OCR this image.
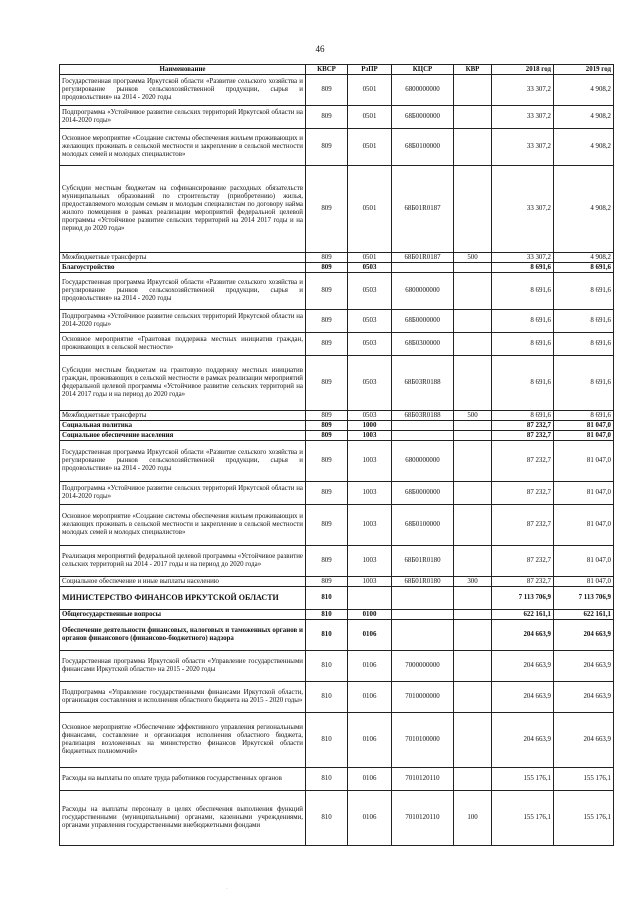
46
Наименование	КВСР	РзПР	КЦСР	КВР	2018 год	2019 год
Государственная программа Иркутской области «Развитие сельского хозяйства и регулирование рынков сельскохозяйственной продукции, сырья и продовольствия» на 2014 - 2020 годы	809	0501	6800000000		33 307,2	4 908,2
Подпрограмма «Устойчивое развитие сельских территорий Иркутской области на 2014-2020 годы»	809	0501	68Б0000000		33 307,2	4 908,2
Основное мероприятие «Создание системы обеспечения жильем проживающих и желающих проживать в сельской местности и закрепление в сельской местности молодых семей и молодых специалистов»	809	0501	68Б0100000		33 307,2	4 908,2
Субсидии местным бюджетам на софинансирование расходных обязательств муниципальных образований по строительству (приобретению) жилья, предоставляемого молодым семьям и молодым специалистам по договору найма жилого помещения в рамках реализации мероприятий федеральной целевой программы «Устойчивое развитие сельских территорий на 2014 2017 годы и на период до 2020 года»	809	0501	68Б01R0187		33 307,2	4 908,2
Межбюджетные трансферты	809	0501	68Б01R0187	500	33 307,2	4 908,2
Благоустройство	809	0503			8 691,6	8 691,6
Государственная программа Иркутской области «Развитие сельского хозяйства и регулирование рынков сельскохозяйственной продукции, сырья и продовольствия» на 2014 - 2020 годы	809	0503	6800000000		8 691,6	8 691,6
Подпрограмма «Устойчивое развитие сельских территорий Иркутской области на 2014-2020 годы»	809	0503	68Б0000000		8 691,6	8 691,6
Основное мероприятие «Грантовая поддержка местных инициатив граждан, проживающих в сельской местности»	809	0503	68Б0300000		8 691,6	8 691,6
Субсидии местным бюджетам на грантовую поддержку местных инициатив граждан, проживающих в сельской местности в рамках реализации мероприятий федеральной целевой программы «Устойчивое развитие сельских территорий на 2014 2017 годы и на период до 2020 года»	809	0503	68Б03R0188		8 691,6	8 691,6
Межбюджетные трансферты	809	0503	68Б03R0188	500	8 691,6	8 691,6
Социальная политика	809	1000			87 232,7	81 047,0
Социальное обеспечение населения	809	1003			87 232,7	81 047,0
Государственная программа Иркутской области «Развитие сельского хозяйства и регулирование рынков сельскохозяйственной продукции, сырья и продовольствия» на 2014 - 2020 годы	809	1003	6800000000		87 232,7	81 047,0
Подпрограмма «Устойчивое развитие сельских территорий Иркутской области на 2014-2020 годы»	809	1003	68Б0000000		87 232,7	81 047,0
Основное мероприятие «Создание системы обеспечения жильем проживающих и желающих проживать в сельской местности и закрепление в сельской местности молодых семей и молодых специалистов»	809	1003	68Б0100000		87 232,7	81 047,0
Реализация мероприятий федеральной целевой программы «Устойчивое развитие сельских территорий на 2014 - 2017 годы и на период до 2020 года»	809	1003	68Б01R0180		87 232,7	81 047,0
Социальное обеспечение и иные выплаты населению	809	1003	68Б01R0180	300	87 232,7	81 047,0
МИНИСТЕРСТВО ФИНАНСОВ ИРКУТСКОЙ ОБЛАСТИ	810				7 113 706,9	7 113 706,9
Общегосударственные вопросы	810	0100			622 161,1	622 161,1
Обеспечение деятельности финансовых, налоговых и таможенных органов и органов финансового (финансово-бюджетного) надзора	810	0106			204 663,9	204 663,9
Государственная программа Иркутской области «Управление государственными финансами Иркутской области» на 2015 - 2020 годы	810	0106	7000000000		204 663,9	204 663,9
Подпрограмма «Управление государственными финансами Иркутской области, организация составления и исполнения областного бюджета на 2015 - 2020 годы»	810	0106	7010000000		204 663,9	204 663,9
Основное мероприятие «Обеспечение эффективного управления региональными финансами, составление и организация исполнения областного бюджета, реализация возложенных на министерство финансов Иркутской области бюджетных полномочий»	810	0106	7010100000		204 663,9	204 663,9
Расходы на выплаты по оплате труда работников государственных органов	810	0106	7010120110		155 176,1	155 176,1
Расходы на выплаты персоналу в целях обеспечения выполнения функций государственными (муниципальными) органами, казенными учреждениями, органами управления государственными внебюджетными фондами	810	0106	7010120110	100	155 176,1	155 176,1
·
